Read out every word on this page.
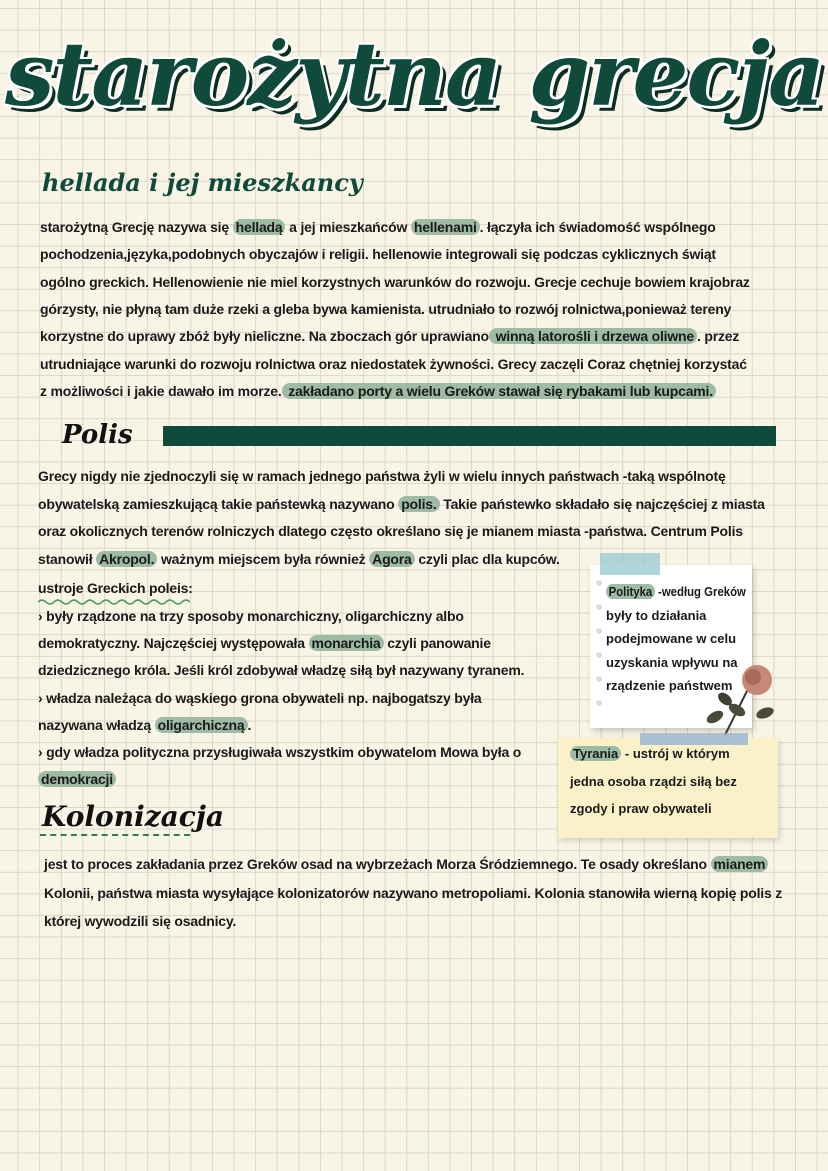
starożytna grecja
hellada i jej mieszkancy
starożytną Grecję nazywa się helladą a jej mieszkańców hellenami . łączyła ich świadomość wspólnego
pochodzenia,języka,podobnych obyczajów i religii. hellenowie integrowali się podczas cyklicznych świąt
ogólno greckich. Hellenowienie nie miel korzystnych warunków do rozwoju. Grecje cechuje bowiem krajobraz
górzysty, nie płyną tam duże rzeki a gleba bywa kamienista. utrudniało to rozwój rolnictwa,ponieważ tereny
korzystne do uprawy zbóż były nieliczne. Na zboczach gór uprawiano winną latorośli i drzewa oliwne . przez
utrudniające warunki do rozwoju rolnictwa oraz niedostatek żywności. Grecy zaczęli Coraz chętniej korzystać
z możliwości i jakie dawało im morze. zakładano porty a wielu Greków stawał się rybakami lub kupcami.
Polis
Grecy nigdy nie zjednoczyli się w ramach jednego państwa żyli w wielu innych państwach -taką wspólnotę
obywatelską zamieszkującą takie państewką nazywano polis. Takie państewko składało się najczęściej z miasta
oraz okolicznych terenów rolniczych dlatego często określano się je mianem miasta -państwa. Centrum Polis
stanowił Akropol. ważnym miejscem była również Agora czyli plac dla kupców.
ustroje Greckich poleis:
› były rządzone na trzy sposoby monarchiczny, oligarchiczny albo
demokratyczny. Najczęściej występowała monarchia czyli panowanie
dziedzicznego króla. Jeśli król zdobywał władzę siłą był nazywany tyranem.
› władza należąca do wąskiego grona obywateli np. najbogatszy była
nazywana władzą oligarchiczną .
› gdy władza polityczna przysługiwała wszystkim obywatelom Mowa była o
demokracji
Kolonizacja
jest to proces zakładania przez Greków osad na wybrzeżach Morza Śródziemnego. Te osady określano mianem
Kolonii, państwa miasta wysyłające kolonizatorów nazywano metropoliami. Kolonia stanowiła wierną kopię polis z
której wywodzili się osadnicy.
Polityka -według Greków
były to działania
podejmowane w celu
uzyskania wpływu na
rządzenie państwem
Tyrania - ustrój w którym
jedna osoba rządzi siłą bez
zgody i praw obywateli
